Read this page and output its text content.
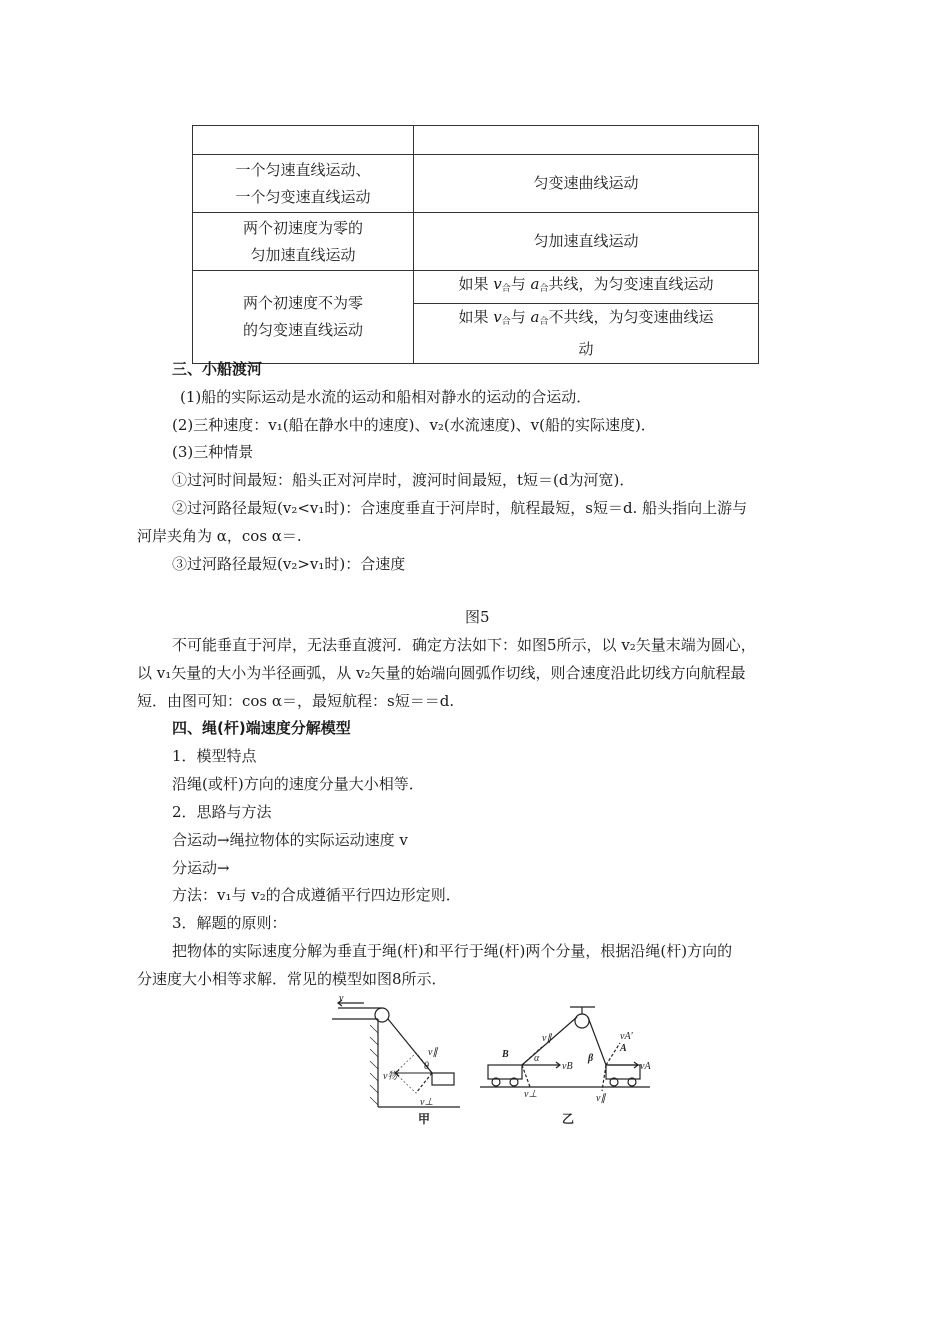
一个匀速直线运动、
一个匀变速直线运动	匀变速曲线运动

两个初速度为零的
匀加速直线运动	匀加速直线运动

两个初速度不为零
的匀变速直线运动	如果 $v_合$与 $a_合$共线，为匀变速直线运动

	如果 $v_合$与 $a_合$不共线，为匀变速曲线运
动
三、小船渡河
(1)船的实际运动是水流的运动和船相对静水的运动的合运动．
(2)三种速度：v₁(船在静水中的速度)、v₂(水流速度)、v(船的实际速度)．
(3)三种情景
①过河时间最短：船头正对河岸时，渡河时间最短，t短＝(d为河宽)．
②过河路径最短(v₂<v₁时)：合速度垂直于河岸时，航程最短，s短＝d. 船头指向上游与
河岸夹角为 α，cos α＝.
③过河路径最短(v₂>v₁时)：合速度
图5
不可能垂直于河岸，无法垂直渡河．确定方法如下：如图5所示，以 v₂矢量末端为圆心，
以 v₁矢量的大小为半径画弧，从 v₂矢量的始端向圆弧作切线，则合速度沿此切线方向航程最
短．由图可知：cos α＝，最短航程：s短＝＝d.
四、绳(杆)端速度分解模型
1．模型特点
沿绳(或杆)方向的速度分量大小相等．
2．思路与方法
合运动→绳拉物体的实际运动速度 v
分运动→
方法：v₁与 v₂的合成遵循平行四边形定则．
3．解题的原则：
把物体的实际速度分解为垂直于绳(杆)和平行于绳(杆)两个分量，根据沿绳(杆)方向的
分速度大小相等求解．常见的模型如图8所示．
v
v∥
θ
v物
v⊥
B
v∥
α
vB
v⊥
β
A
vA′
vA
v∥
甲	乙
